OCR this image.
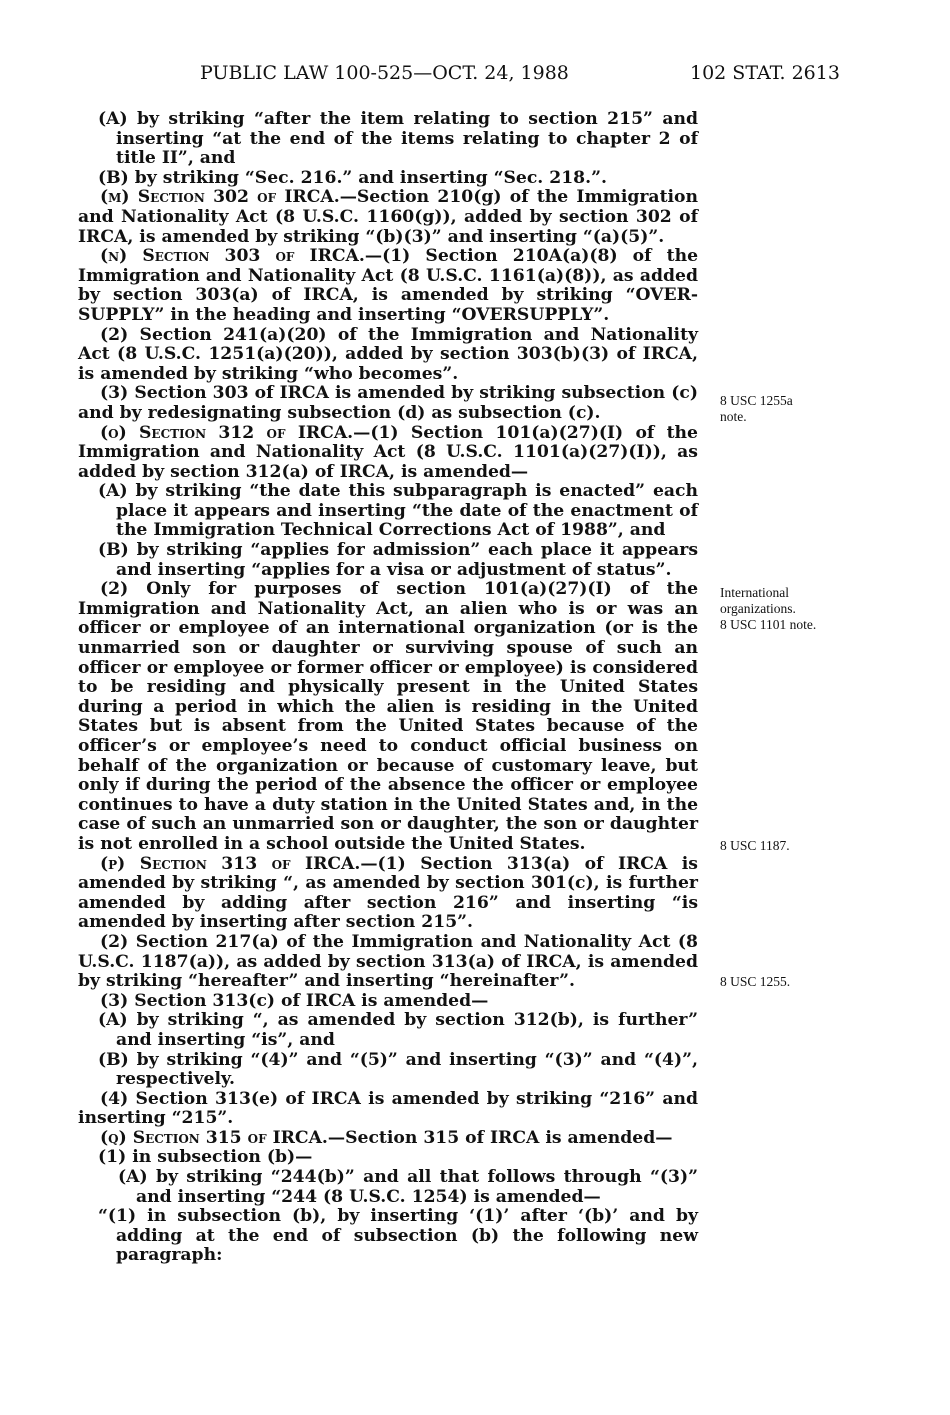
PUBLIC LAW 100-525—OCT. 24, 1988	102 STAT. 2613

(A) by striking “after the item relating to section 215” and inserting “at the end of the items relating to chapter 2 of title II”, and

(B) by striking “Sec. 216.” and inserting “Sec. 218.”.

(m) Section 302 of IRCA.—Section 210(g) of the Immigration and Nationality Act (8 U.S.C. 1160(g)), added by section 302 of IRCA, is amended by striking “(b)(3)” and inserting “(a)(5)”.

(n) Section 303 of IRCA.—(1) Section 210A(a)(8) of the Immigration and Nationality Act (8 U.S.C. 1161(a)(8)), as added by section 303(a) of IRCA, is amended by striking “OVER-SUPPLY” in the heading and inserting “OVERSUPPLY”.

(2) Section 241(a)(20) of the Immigration and Nationality Act (8 U.S.C. 1251(a)(20)), added by section 303(b)(3) of IRCA, is amended by striking “who becomes”.

(3) Section 303 of IRCA is amended by striking subsection (c) and by redesignating subsection (d) as subsection (c).

(o) Section 312 of IRCA.—(1) Section 101(a)(27)(I) of the Immigration and Nationality Act (8 U.S.C. 1101(a)(27)(I)), as added by section 312(a) of IRCA, is amended—

(A) by striking “the date this subparagraph is enacted” each place it appears and inserting “the date of the enactment of the Immigration Technical Corrections Act of 1988”, and

(B) by striking “applies for admission” each place it appears and inserting “applies for a visa or adjustment of status”.

(2) Only for purposes of section 101(a)(27)(I) of the Immigration and Nationality Act, an alien who is or was an officer or employee of an international organization (or is the unmarried son or daughter or surviving spouse of such an officer or employee or former officer or employee) is considered to be residing and physically present in the United States during a period in which the alien is residing in the United States but is absent from the United States because of the officer’s or employee’s need to conduct official business on behalf of the organization or because of customary leave, but only if during the period of the absence the officer or employee continues to have a duty station in the United States and, in the case of such an unmarried son or daughter, the son or daughter is not enrolled in a school outside the United States.

(p) Section 313 of IRCA.—(1) Section 313(a) of IRCA is amended by striking “, as amended by section 301(c), is further amended by adding after section 216” and inserting “is amended by inserting after section 215”.

(2) Section 217(a) of the Immigration and Nationality Act (8 U.S.C. 1187(a)), as added by section 313(a) of IRCA, is amended by striking “hereafter” and inserting “hereinafter”.

(3) Section 313(c) of IRCA is amended—

(A) by striking “, as amended by section 312(b), is further” and inserting “is”, and

(B) by striking “(4)” and “(5)” and inserting “(3)” and “(4)”, respectively.

(4) Section 313(e) of IRCA is amended by striking “216” and inserting “215”.

(q) Section 315 of IRCA.—Section 315 of IRCA is amended—

(1) in subsection (b)—

(A) by striking “244(b)” and all that follows through “(3)” and inserting “244 (8 U.S.C. 1254) is amended—

“(1) in subsection (b), by inserting ‘(1)’ after ‘(b)’ and by adding at the end of subsection (b) the following new paragraph:

8 USC 1255a
note.
International
organizations.
8 USC 1101 note.
8 USC 1187.
8 USC 1255.
